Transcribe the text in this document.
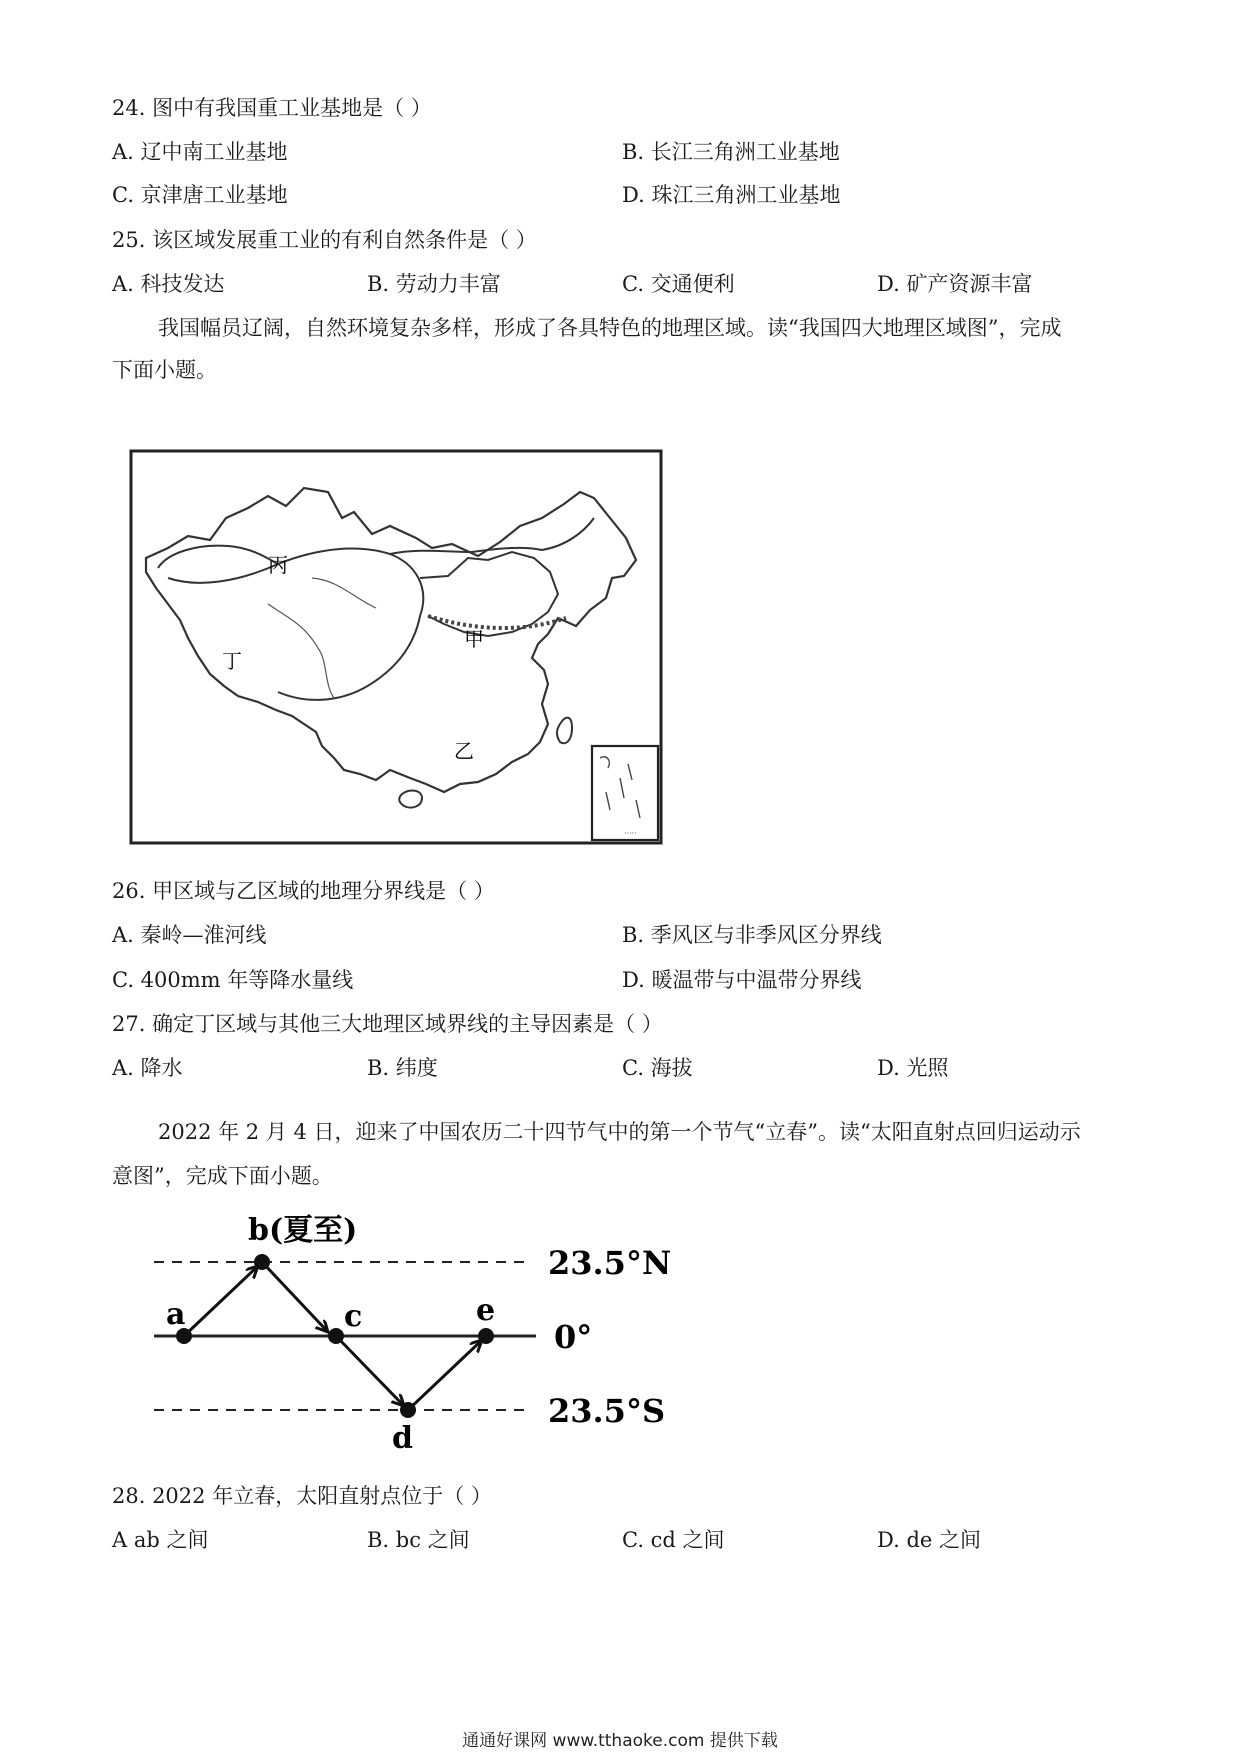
24. 图中有我国重工业基地是（ ）
A. 辽中南工业基地	B. 长江三角洲工业基地
C. 京津唐工业基地	D. 珠江三角洲工业基地
25. 该区域发展重工业的有利自然条件是（ ）
A. 科技发达	B. 劳动力丰富	C. 交通便利	D. 矿产资源丰富
我国幅员辽阔，自然环境复杂多样，形成了各具特色的地理区域。读“我国四大地理区域图”，完成
下面小题。
·····
丙
甲
丁
乙
26. 甲区域与乙区域的地理分界线是（ ）
A. 秦岭—淮河线	B. 季风区与非季风区分界线
C. 400mm 年等降水量线	D. 暖温带与中温带分界线
27. 确定丁区域与其他三大地理区域界线的主导因素是（ ）
A. 降水	B. 纬度	C. 海拔	D. 光照
2022 年 2 月 4 日，迎来了中国农历二十四节气中的第一个节气“立春”。读“太阳直射点回归运动示
意图”，完成下面小题。
b(夏至)
a	c	e
d
23.5°N
0°
23.5°S
28. 2022 年立春，太阳直射点位于（ ）
A ab 之间	B. bc 之间	C. cd 之间	D. de 之间
通通好课网 www.tthaoke.com 提供下载
